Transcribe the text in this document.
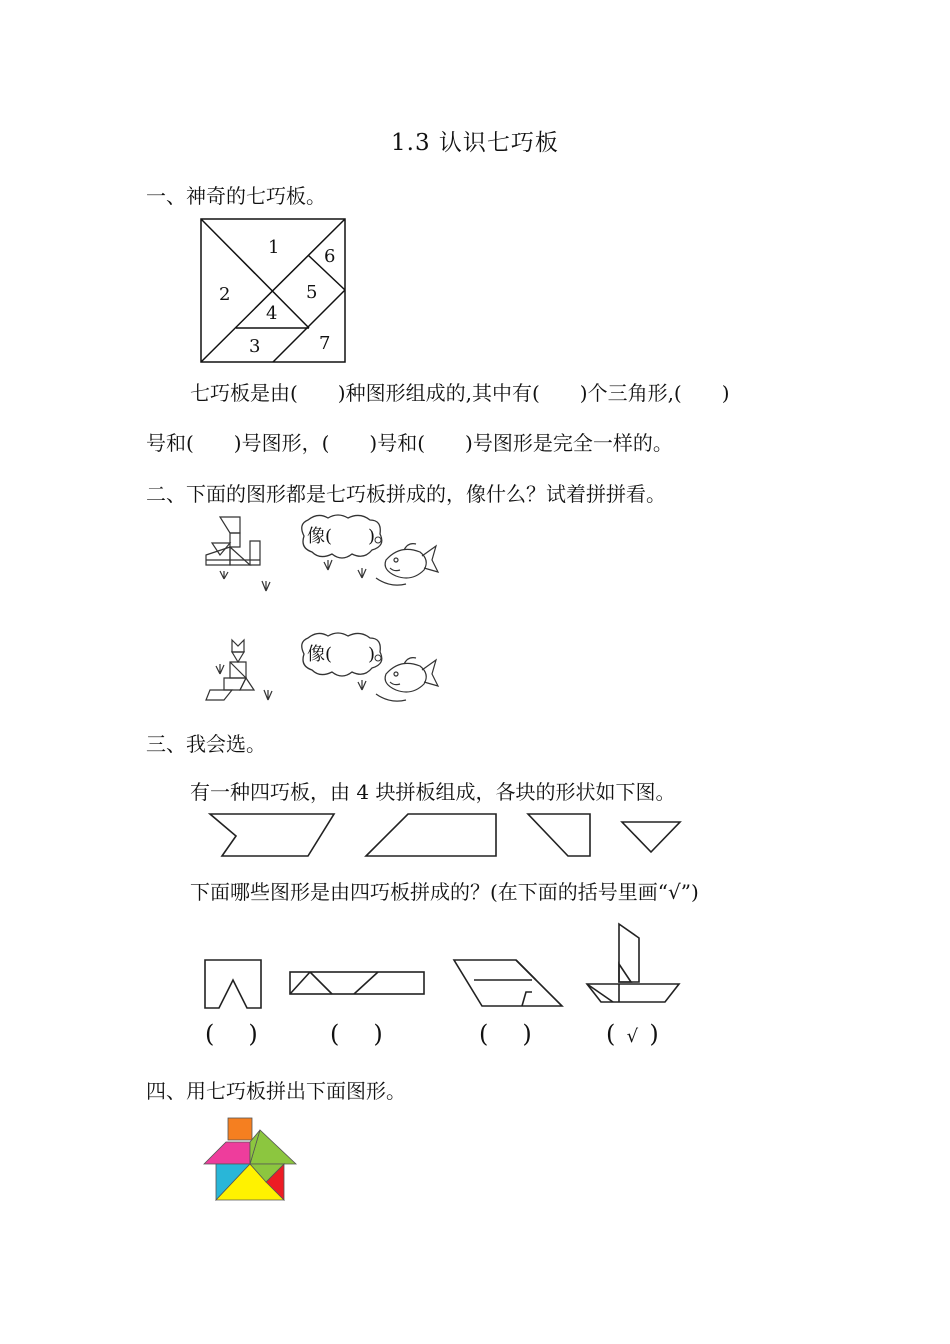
1.3 认识七巧板
一、神奇的七巧板。
1
2
3
4
5
6
7
七巧板是由(　　)种图形组成的,其中有(　　)个三角形,(　　)
号和(　　)号图形，(　　)号和(　　)号图形是完全一样的。
二、下面的图形都是七巧板拼成的，像什么？试着拼拼看。
像(　　)
像(　　)
三、我会选。
有一种四巧板，由 4 块拼板组成，各块的形状如下图。
下面哪些图形是由四巧板拼成的？(在下面的括号里画“√”)
( )	( )	( )	( √ )
四、用七巧板拼出下面图形。
